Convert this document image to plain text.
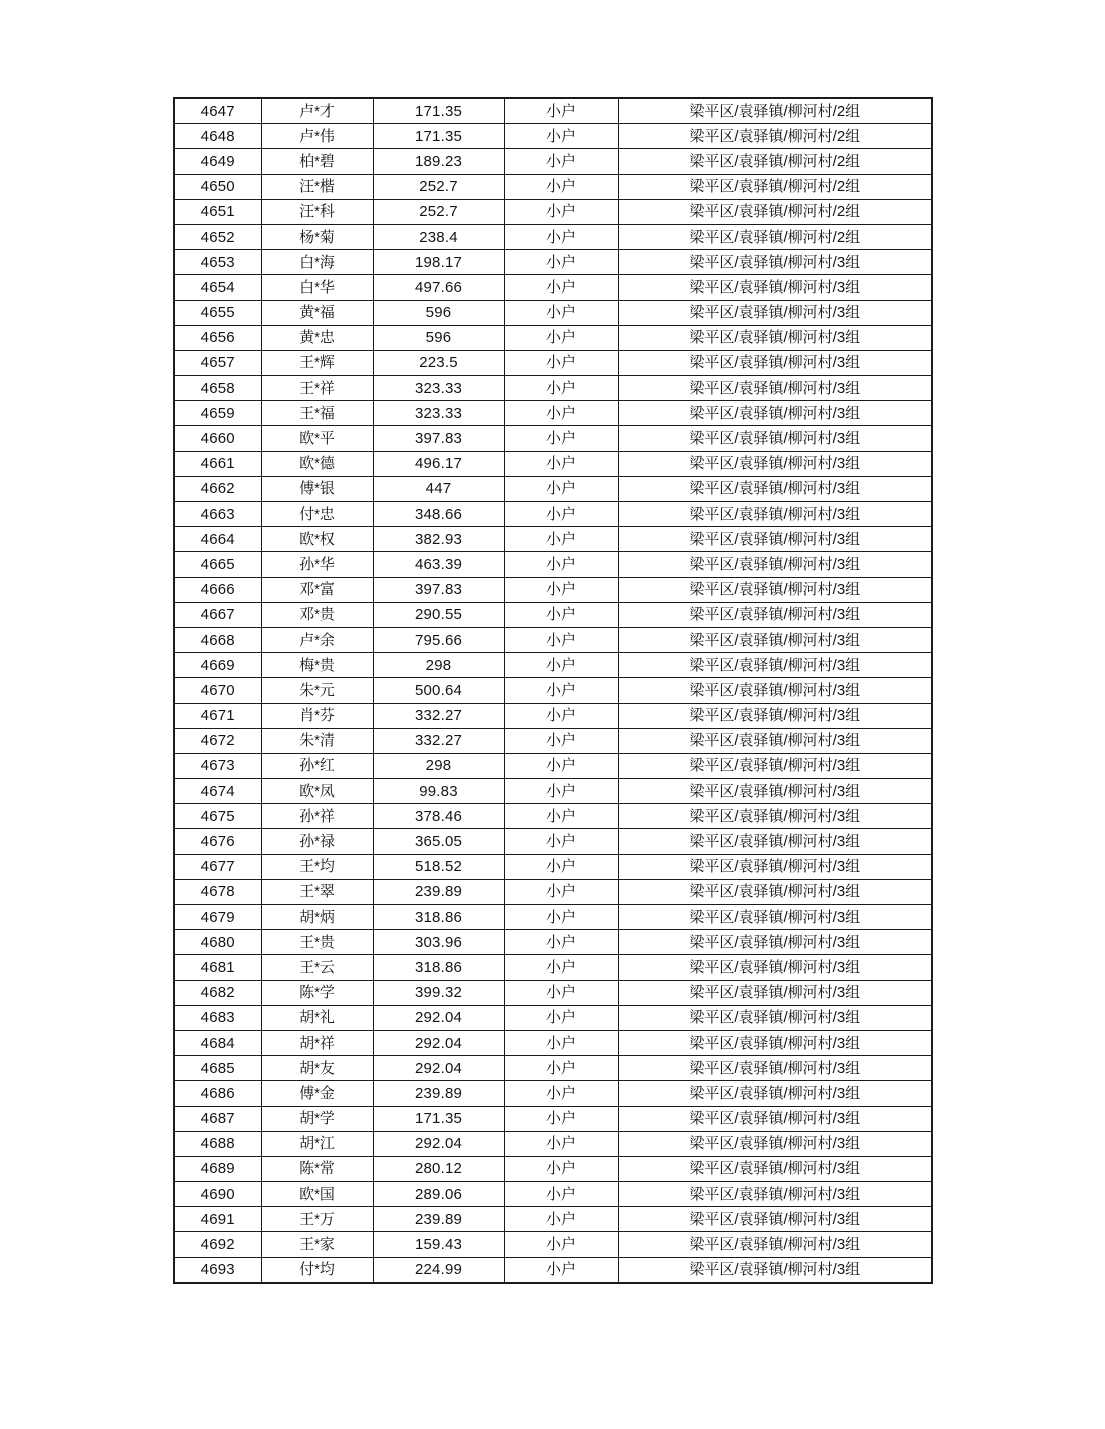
4647	卢*才	171.35	小户	梁平区/袁驿镇/柳河村/2组
4648	卢*伟	171.35	小户	梁平区/袁驿镇/柳河村/2组
4649	柏*碧	189.23	小户	梁平区/袁驿镇/柳河村/2组
4650	汪*楷	252.7	小户	梁平区/袁驿镇/柳河村/2组
4651	汪*科	252.7	小户	梁平区/袁驿镇/柳河村/2组
4652	杨*菊	238.4	小户	梁平区/袁驿镇/柳河村/2组
4653	白*海	198.17	小户	梁平区/袁驿镇/柳河村/3组
4654	白*华	497.66	小户	梁平区/袁驿镇/柳河村/3组
4655	黄*福	596	小户	梁平区/袁驿镇/柳河村/3组
4656	黄*忠	596	小户	梁平区/袁驿镇/柳河村/3组
4657	王*辉	223.5	小户	梁平区/袁驿镇/柳河村/3组
4658	王*祥	323.33	小户	梁平区/袁驿镇/柳河村/3组
4659	王*福	323.33	小户	梁平区/袁驿镇/柳河村/3组
4660	欧*平	397.83	小户	梁平区/袁驿镇/柳河村/3组
4661	欧*德	496.17	小户	梁平区/袁驿镇/柳河村/3组
4662	傅*银	447	小户	梁平区/袁驿镇/柳河村/3组
4663	付*忠	348.66	小户	梁平区/袁驿镇/柳河村/3组
4664	欧*权	382.93	小户	梁平区/袁驿镇/柳河村/3组
4665	孙*华	463.39	小户	梁平区/袁驿镇/柳河村/3组
4666	邓*富	397.83	小户	梁平区/袁驿镇/柳河村/3组
4667	邓*贵	290.55	小户	梁平区/袁驿镇/柳河村/3组
4668	卢*余	795.66	小户	梁平区/袁驿镇/柳河村/3组
4669	梅*贵	298	小户	梁平区/袁驿镇/柳河村/3组
4670	朱*元	500.64	小户	梁平区/袁驿镇/柳河村/3组
4671	肖*芬	332.27	小户	梁平区/袁驿镇/柳河村/3组
4672	朱*清	332.27	小户	梁平区/袁驿镇/柳河村/3组
4673	孙*红	298	小户	梁平区/袁驿镇/柳河村/3组
4674	欧*凤	99.83	小户	梁平区/袁驿镇/柳河村/3组
4675	孙*祥	378.46	小户	梁平区/袁驿镇/柳河村/3组
4676	孙*禄	365.05	小户	梁平区/袁驿镇/柳河村/3组
4677	王*均	518.52	小户	梁平区/袁驿镇/柳河村/3组
4678	王*翠	239.89	小户	梁平区/袁驿镇/柳河村/3组
4679	胡*炳	318.86	小户	梁平区/袁驿镇/柳河村/3组
4680	王*贵	303.96	小户	梁平区/袁驿镇/柳河村/3组
4681	王*云	318.86	小户	梁平区/袁驿镇/柳河村/3组
4682	陈*学	399.32	小户	梁平区/袁驿镇/柳河村/3组
4683	胡*礼	292.04	小户	梁平区/袁驿镇/柳河村/3组
4684	胡*祥	292.04	小户	梁平区/袁驿镇/柳河村/3组
4685	胡*友	292.04	小户	梁平区/袁驿镇/柳河村/3组
4686	傅*金	239.89	小户	梁平区/袁驿镇/柳河村/3组
4687	胡*学	171.35	小户	梁平区/袁驿镇/柳河村/3组
4688	胡*江	292.04	小户	梁平区/袁驿镇/柳河村/3组
4689	陈*常	280.12	小户	梁平区/袁驿镇/柳河村/3组
4690	欧*国	289.06	小户	梁平区/袁驿镇/柳河村/3组
4691	王*万	239.89	小户	梁平区/袁驿镇/柳河村/3组
4692	王*家	159.43	小户	梁平区/袁驿镇/柳河村/3组
4693	付*均	224.99	小户	梁平区/袁驿镇/柳河村/3组
